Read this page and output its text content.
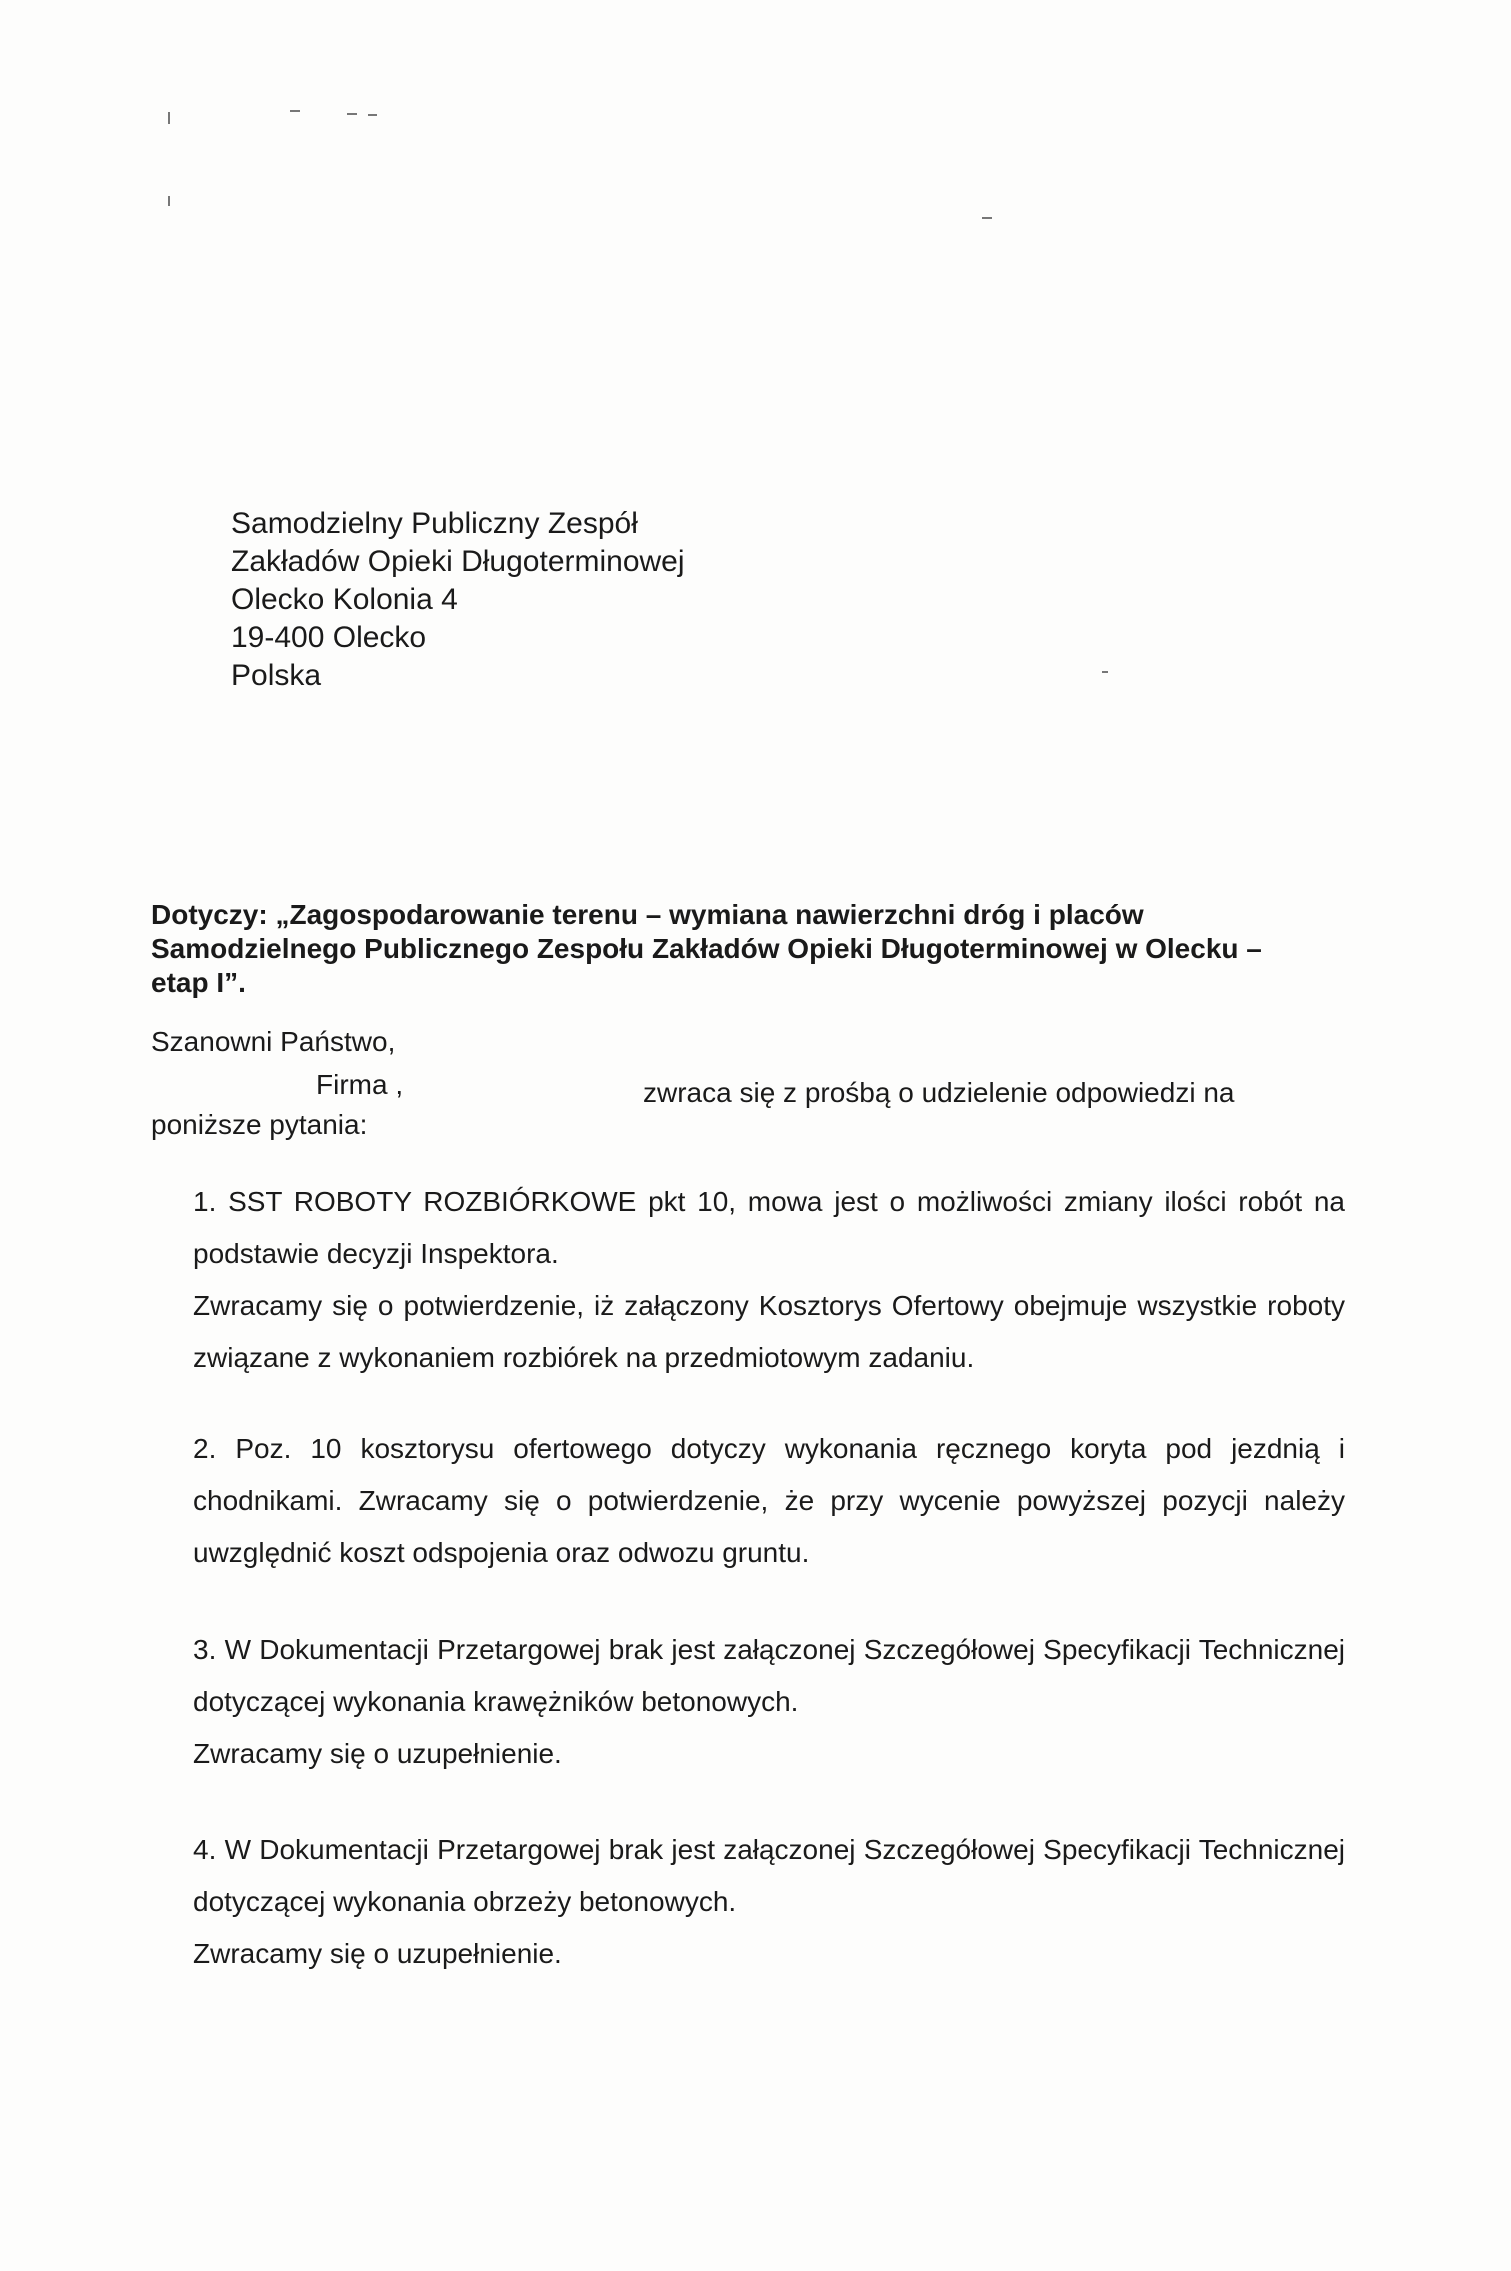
Samodzielny Publiczny Zespół
Zakładów Opieki Długoterminowej
Olecko Kolonia 4
19-400 Olecko
Polska
Dotyczy: „Zagospodarowanie terenu – wymiana nawierzchni dróg i placów Samodzielnego Publicznego Zespołu Zakładów Opieki Długoterminowej w Olecku – etap I”.
Szanowni Państwo,
Firma ,	zwraca się z prośbą o udzielenie odpowiedzi na
poniższe pytania:

1. SST ROBOTY ROZBIÓRKOWE pkt 10, mowa jest o możliwości zmiany ilości robót na podstawie decyzji Inspektora.

Zwracamy się o potwierdzenie, iż załączony Kosztorys Ofertowy obejmuje wszystkie roboty związane z wykonaniem rozbiórek na przedmiotowym zadaniu.

2. Poz. 10 kosztorysu ofertowego dotyczy wykonania ręcznego koryta pod jezdnią i chodnikami. Zwracamy się o potwierdzenie, że przy wycenie powyższej pozycji należy uwzględnić koszt odspojenia oraz odwozu gruntu.

3. W Dokumentacji Przetargowej brak jest załączonej Szczegółowej Specyfikacji Technicznej dotyczącej wykonania krawężników betonowych.

Zwracamy się o uzupełnienie.

4. W Dokumentacji Przetargowej brak jest załączonej Szczegółowej Specyfikacji Technicznej dotyczącej wykonania obrzeży betonowych.

Zwracamy się o uzupełnienie.
